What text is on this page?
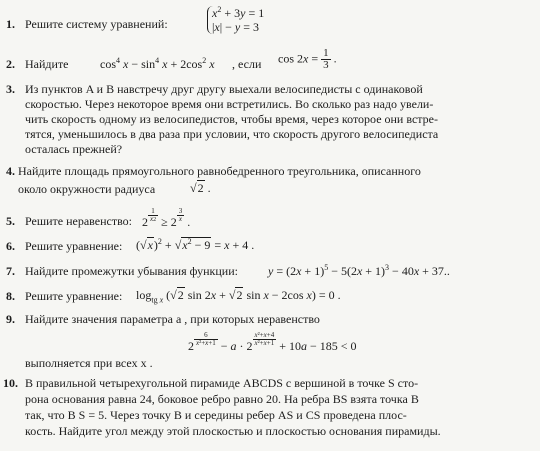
1. Решите систему уравнений:
$x^2 + 3y = 1$
|x| − y = 3
2. Найдите	$\cos^4 x - \sin^4 x + 2\cos^2$ x , если $\cos 2x = \frac{1}{3}$ .
3. Из пунктов A и B навстречу друг другу выехали велосипедисты с одинаковой
скоростью. Через некоторое время они встретились. Во сколько раз надо увели-
чить скорость одному из велосипедистов, чтобы время, через которое они встре-
тятся, уменьшилось в два раза при условии, что скорость другого велосипедиста
осталась прежней?
4. Найдите площадь прямоугольного равнобедренного треугольника, описанного
около окружности радиуса	√2 .
5. Решите неравенство: $2 \frac{1}{x2} \ge 2 \frac{3}{x}$ .
6. Решите уравнение: $(√x)^2 + √x^2 - 9 = x + 4$ .
7. Найдите промежутки убывания функции:	$y = (2x + 1)^5 - 5(2x + 1)^3 - 40x + 37$..
8. Решите уравнение: $\log_{tg x} (√2$ sin 2x + √2 sin x − 2cos x) = 0 .
9. Найдите значения параметра a , при которых неравенство
$2 \frac{6}{\text{x²+x+1}} - a \cdot 2 \frac{\text{x²+x+4}}{\text{x²+x+1}} + 10a - 185 < 0$
выполняется при всех x .
10. В правильной четырехугольной пирамиде ABCDS с вершиной в точке S сто-
рона основания равна 24, боковое ребро равно 20. На ребра BS взята точка B
так, что B S = 5. Через точку B и середины ребер AS и CS проведена плос-
кость. Найдите угол между этой плоскостью и плоскостью основания пирамиды.
